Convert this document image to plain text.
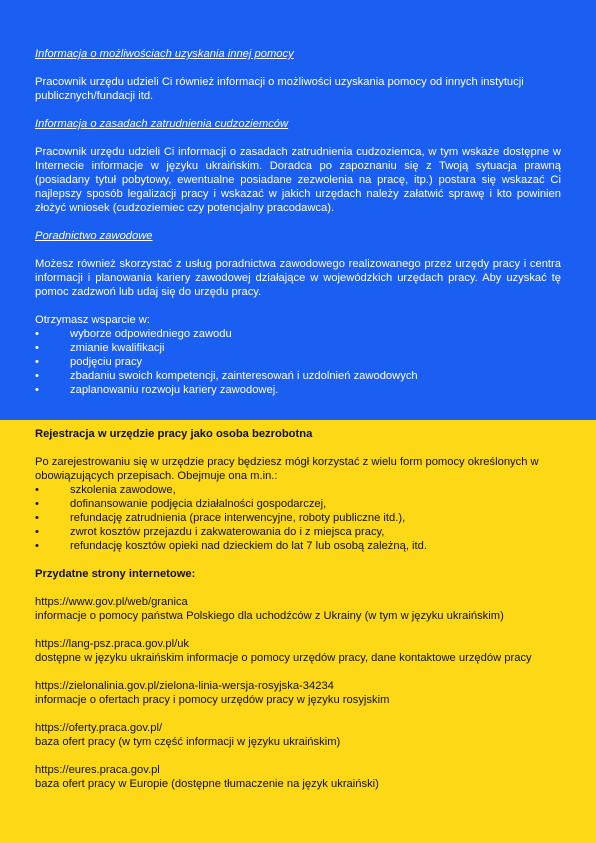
Informacja o możliwościach uzyskania innej pomocy

Pracownik urzędu udzieli Ci również informacji o możliwości uzyskania pomocy od innych instytucji publicznych/fundacji itd.

Informacja o zasadach zatrudnienia cudzoziemców

Pracownik urzędu udzieli Ci informacji o zasadach zatrudnienia cudzoziemca, w tym wskaże dostępne w Internecie informacje w języku ukraińskim. Doradca po zapoznaniu się z Twoją sytuacja prawną (posiadany tytuł pobytowy, ewentualne posiadane zezwolenia na pracę, itp.) postara się wskazać Ci najlepszy sposób legalizacji pracy i wskazać w jakich urzędach należy załatwić sprawę i kto powinien złożyć wniosek (cudzoziemiec czy potencjalny pracodawca).

Poradnictwo zawodowe

Możesz również skorzystać z usług poradnictwa zawodowego realizowanego przez urzędy pracy i centra informacji i planowania kariery zawodowej działające w wojewódzkich urzędach pracy. Aby uzyskać tę pomoc zadzwoń lub udaj się do urzędu pracy.

Otrzymasz wsparcie w:

• wyborze odpowiedniego zawodu
• zmianie kwalifikacji
• podjęciu pracy
• zbadaniu swoich kompetencji, zainteresowań i uzdolnień zawodowych
• zaplanowaniu rozwoju kariery zawodowej.

Rejestracja w urzędzie pracy jako osoba bezrobotna

Po zarejestrowaniu się w urzędzie pracy będziesz mógł korzystać z wielu form pomocy określonych w obowiązujących przepisach. Obejmuje ona m.in.:

• szkolenia zawodowe,
• dofinansowanie podjęcia działalności gospodarczej,
• refundację zatrudnienia (prace interwencyjne, roboty publiczne itd.),
• zwrot kosztów przejazdu i zakwaterowania do i z miejsca pracy,
• refundację kosztów opieki nad dzieckiem do lat 7 lub osobą zależną, itd.

Przydatne strony internetowe:

https://www.gov.pl/web/granica

informacje o pomocy państwa Polskiego dla uchodźców z Ukrainy (w tym w języku ukraińskim)

https://lang-psz.praca.gov.pl/uk

dostępne w języku ukraińskim informacje o pomocy urzędów pracy, dane kontaktowe urzędów pracy

https://zielonalinia.gov.pl/zielona-linia-wersja-rosyjska-34234

informacje o ofertach pracy i pomocy urzędów pracy w języku rosyjskim

https://oferty.praca.gov.pl/

baza ofert pracy (w tym część informacji w języku ukraińskim)

https://eures.praca.gov.pl

baza ofert pracy w Europie (dostępne tłumaczenie na język ukraiński)
